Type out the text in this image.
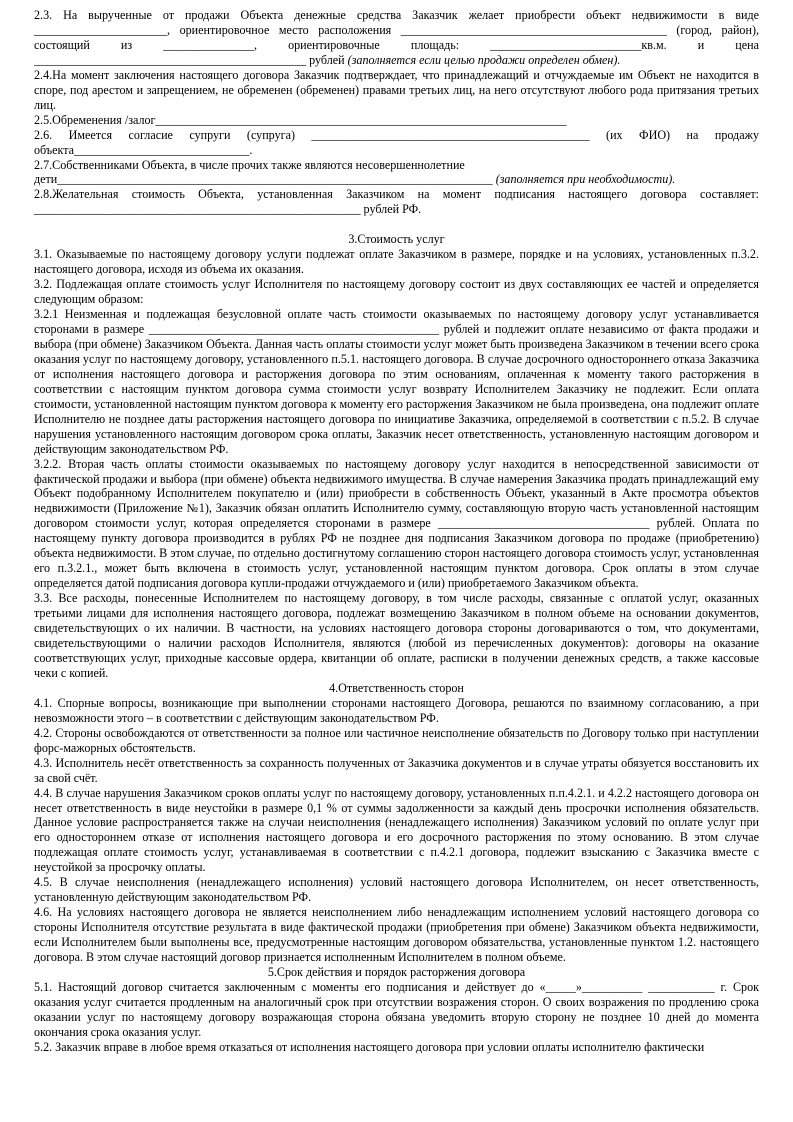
2.3. На вырученные от продажи Объекта денежные средства Заказчик желает приобрести объект недвижимости в виде ______________________, ориентировочное место расположения ____________________________________________ (город, район), состоящий из _______________, ориентировочные площадь: _________________________кв.м. и цена _____________________________________________ рублей (заполняется если целью продажи определен обмен).

2.4.На момент заключения настоящего договора Заказчик подтверждает, что принадлежащий и отчуждаемые им Объект не находится в споре, под арестом и запрещением, не обременен (обременен) правами третьих лиц, на него отсутствуют любого рода притязания третьих лиц.

2.5.Обременения /залог____________________________________________________________________

2.6. Имеется согласие супруги (супруга) ______________________________________________ (их ФИО) на продажу объекта_____________________________.

2.7.Собственниками Объекта, в числе прочих также являются несовершеннолетние

дети________________________________________________________________________ (заполняется при необходимости).

2.8.Желательная стоимость Объекта, установленная Заказчиком на момент подписания настоящего договора составляет: ______________________________________________________ рублей РФ.

3.Стоимость услуг

3.1. Оказываемые по настоящему договору услуги подлежат оплате Заказчиком в размере, порядке и на условиях, установленных п.3.2. настоящего договора, исходя из объема их оказания.

3.2. Подлежащая оплате стоимость услуг Исполнителя по настоящему договору состоит из двух составляющих ее частей и определяется следующим образом:

3.2.1 Неизменная и подлежащая безусловной оплате часть стоимости оказываемых по настоящему договору услуг устанавливается сторонами в размере ________________________________________________ рублей и подлежит оплате независимо от факта продажи и выбора (при обмене) Заказчиком Объекта. Данная часть оплаты стоимости услуг может быть произведена Заказчиком в течении всего срока оказания услуг по настоящему договору, установленного п.5.1. настоящего договора. В случае досрочного одностороннего отказа Заказчика от исполнения настоящего договора и расторжения договора по этим основаниям, оплаченная к моменту такого расторжения в соответствии с настоящим пунктом договора сумма стоимости услуг возврату Исполнителем Заказчику не подлежит. Если оплата стоимости, установленной настоящим пунктом договора к моменту его расторжения Заказчиком не была произведена, она подлежит оплате Исполнителю не позднее даты расторжения настоящего договора по инициативе Заказчика, определяемой в соответствии с п.5.2. В случае нарушения установленного настоящим договором срока оплаты, Заказчик несет ответственность, установленную настоящим договором и действующим законодательством РФ.

3.2.2. Вторая часть оплаты стоимости оказываемых по настоящему договору услуг находится в непосредственной зависимости от фактической продажи и выбора (при обмене) объекта недвижимого имущества. В случае намерения Заказчика продать принадлежащий ему Объект подобранному Исполнителем покупателю и (или) приобрести в собственность Объект, указанный в Акте просмотра объектов недвижимости (Приложение №1), Заказчик обязан оплатить Исполнителю сумму, составляющую вторую часть установленной настоящим договором стоимости услуг, которая определяется сторонами в размере ___________________________________ рублей. Оплата по настоящему пункту договора производится в рублях РФ не позднее дня подписания Заказчиком договора по продаже (приобретению) объекта недвижимости. В этом случае, по отдельно достигнутому соглашению сторон настоящего договора стоимость услуг, установленная его п.3.2.1., может быть включена в стоимость услуг, установленной настоящим пунктом договора. Срок оплаты в этом случае определяется датой подписания договора купли-продажи отчуждаемого и (или) приобретаемого Заказчиком объекта.

3.3. Все расходы, понесенные Исполнителем по настоящему договору, в том числе расходы, связанные с оплатой услуг, оказанных третьими лицами для исполнения настоящего договора, подлежат возмещению Заказчиком в полном объеме на основании документов, свидетельствующих о их наличии. В частности, на условиях настоящего договора стороны договариваются о том, что документами, свидетельствующими о наличии расходов Исполнителя, являются (любой из перечисленных документов): договоры на оказание соответствующих услуг, приходные кассовые ордера, квитанции об оплате, расписки в получении денежных средств, а также кассовые чеки с копией.

4.Ответственность сторон

4.1. Спорные вопросы, возникающие при выполнении сторонами настоящего Договора, решаются по взаимному согласованию, а при невозможности этого – в соответствии с действующим законодательством РФ.

4.2. Стороны освобождаются от ответственности за полное или частичное неисполнение обязательств по Договору только при наступлении форс-мажорных обстоятельств.

4.3. Исполнитель несёт ответственность за сохранность полученных от Заказчика документов и в случае утраты обязуется восстановить их за свой счёт.

4.4. В случае нарушения Заказчиком сроков оплаты услуг по настоящему договору, установленных п.п.4.2.1. и 4.2.2 настоящего договора он несет ответственность в виде неустойки в размере 0,1 % от суммы задолженности за каждый день просрочки исполнения обязательств. Данное условие распространяется также на случаи неисполнения (ненадлежащего исполнения) Заказчиком условий по оплате услуг при его одностороннем отказе от исполнения настоящего договора и его досрочного расторжения по этому основанию. В этом случае подлежащая оплате стоимость услуг, устанавливаемая в соответствии с п.4.2.1 договора, подлежит взысканию с Заказчика вместе с неустойкой за просрочку оплаты.

4.5. В случае неисполнения (ненадлежащего исполнения) условий настоящего договора Исполнителем, он несет ответственность, установленную действующим законодательством РФ.

4.6. На условиях настоящего договора не является неисполнением либо ненадлежащим исполнением условий настоящего договора со стороны Исполнителя отсутствие результата в виде фактической продажи (приобретения при обмене) Заказчиком объекта недвижимости, если Исполнителем были выполнены все, предусмотренные настоящим договором обязательства, установленные пунктом 1.2. настоящего договора. В этом случае настоящий договор признается исполненным Исполнителем в полном объеме.

5.Срок действия и порядок расторжения договора

5.1. Настоящий договор считается заключенным с моменты его подписания и действует до «_____»__________ ___________ г. Срок оказания услуг считается продленным на аналогичный срок при отсутствии возражения сторон. О своих возражения по продлению срока оказании услуг по настоящему договору возражающая сторона обязана уведомить вторую сторону не позднее 10 дней до момента окончания срока оказания услуг.

5.2. Заказчик вправе в любое время отказаться от исполнения настоящего договора при условии оплаты исполнителю фактически
